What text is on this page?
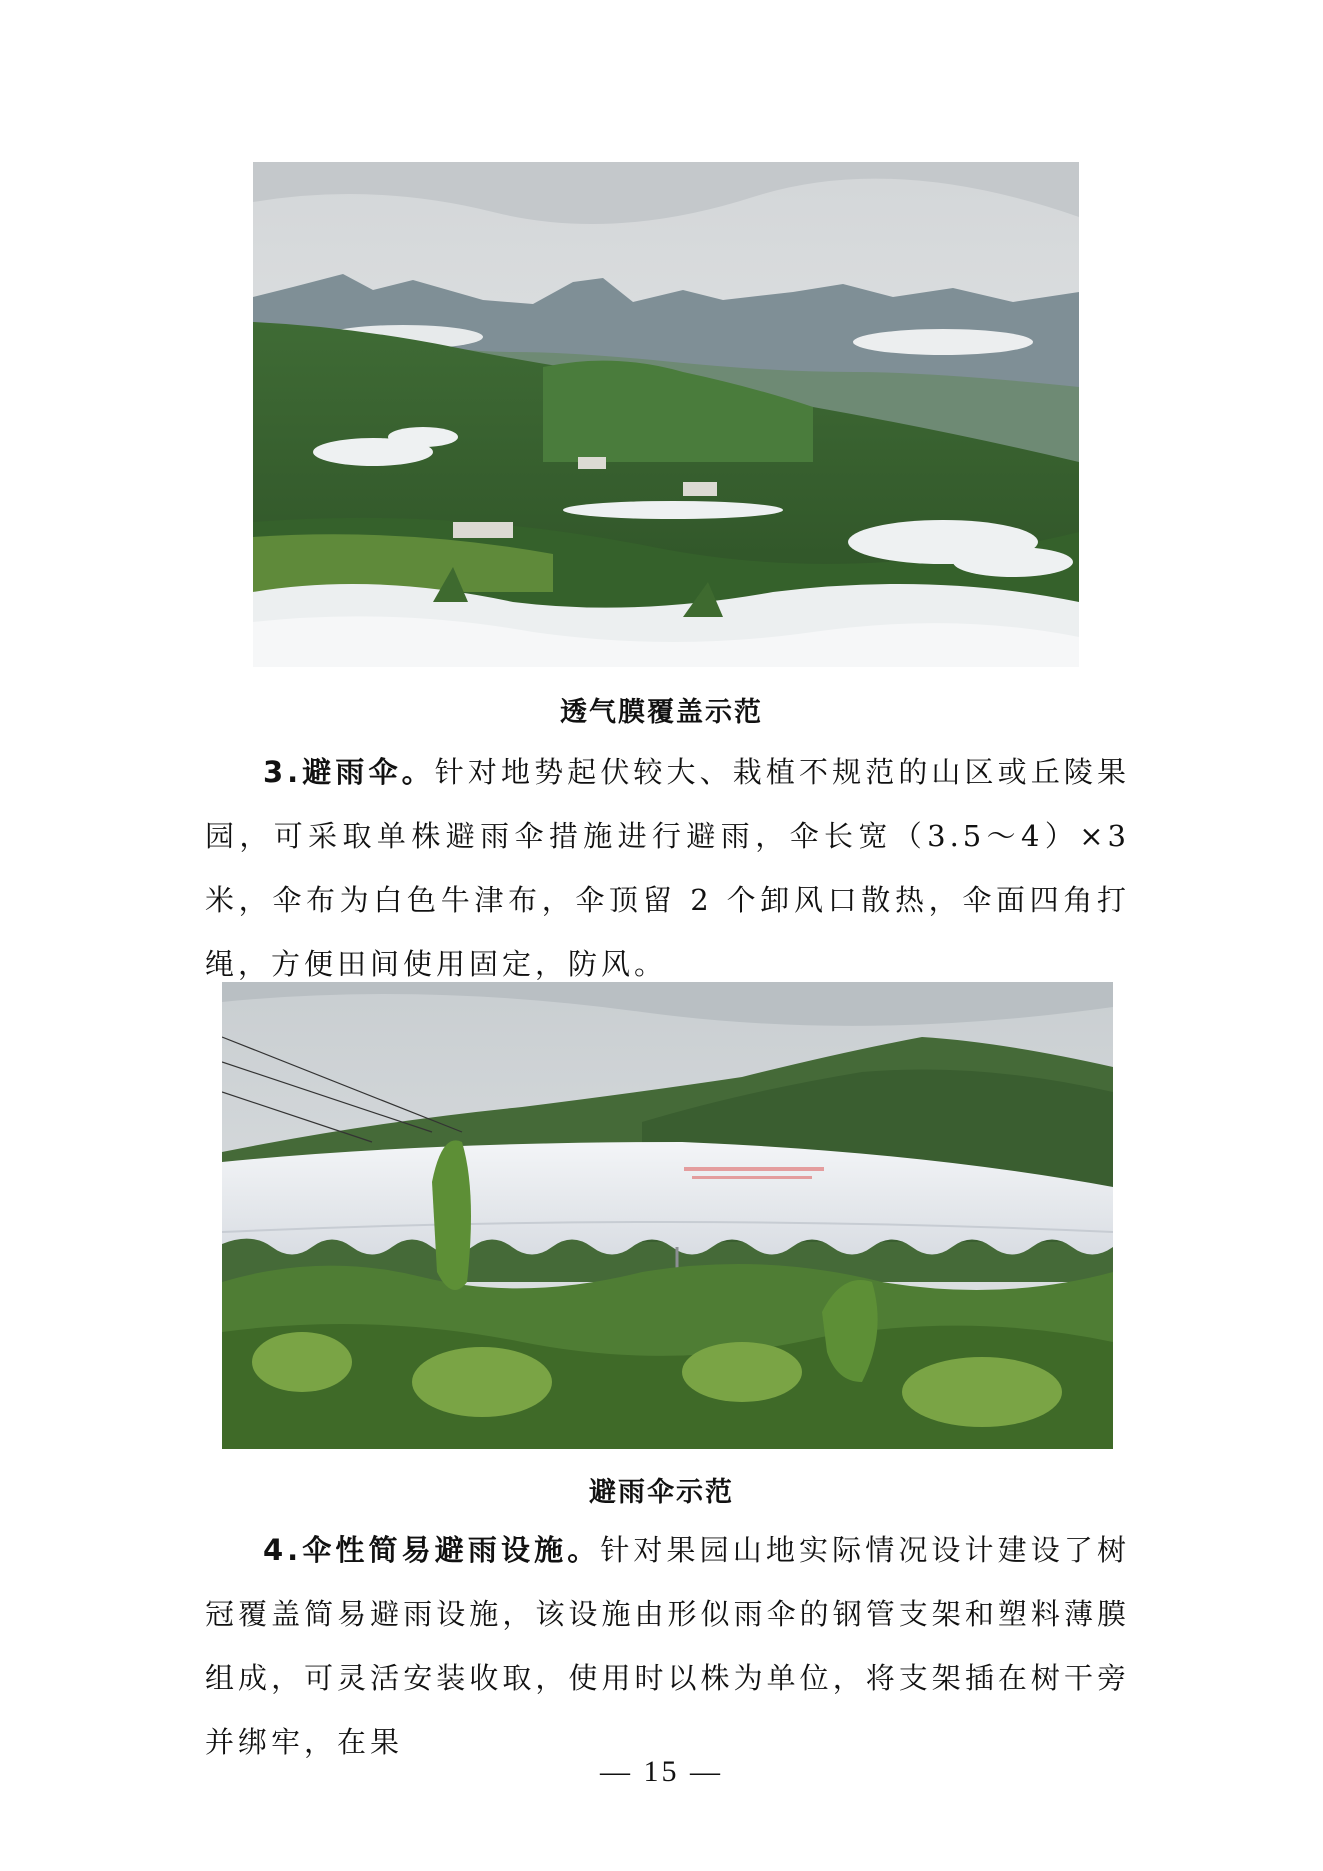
透气膜覆盖示范
3.避雨伞。针对地势起伏较大、栽植不规范的山区或丘陵果园，可采取单株避雨伞措施进行避雨，伞长宽（3.5～4）×3 米，伞布为白色牛津布，伞顶留 2 个卸风口散热，伞面四角打绳，方便田间使用固定，防风。
避雨伞示范
4.伞性简易避雨设施。针对果园山地实际情况设计建设了树冠覆盖简易避雨设施，该设施由形似雨伞的钢管支架和塑料薄膜组成，可灵活安装收取，使用时以株为单位，将支架插在树干旁并绑牢，在果
— 15 —
